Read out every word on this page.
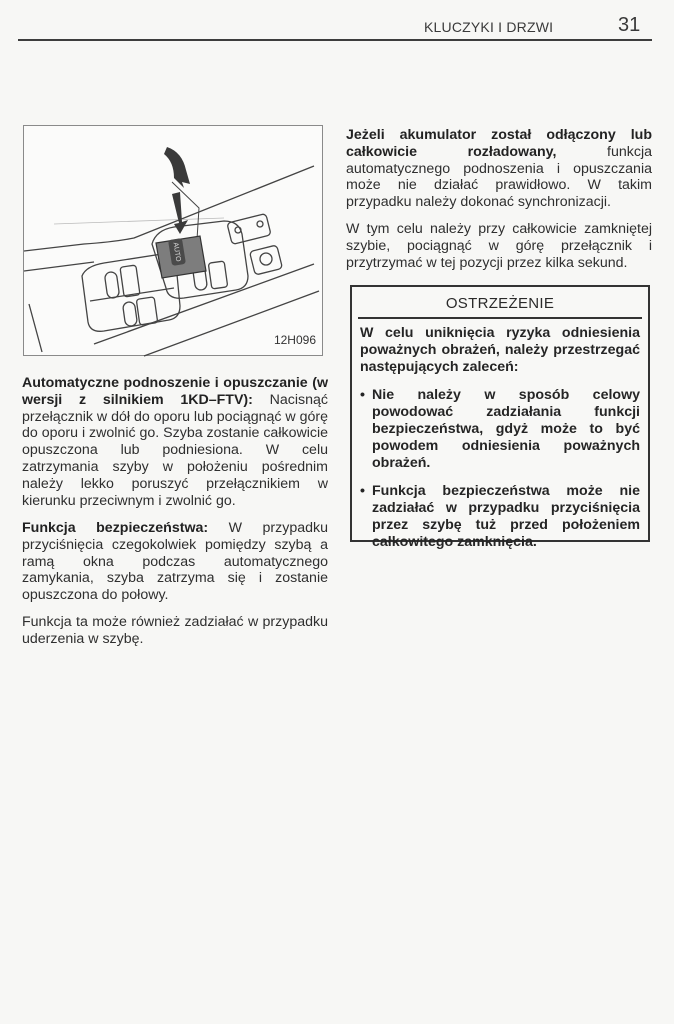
KLUCZYKI I DRZWI	31
AUTO
12H096

Automatyczne podnoszenie i opuszczanie (w wersji z silnikiem 1KD–FTV): Nacisnąć przełącznik w dół do oporu lub pociągnąć w górę do oporu i zwolnić go. Szyba zostanie całkowicie opuszczona lub podniesiona. W celu zatrzymania szyby w położeniu pośrednim należy lekko poruszyć przełącznikiem w kierunku przeciwnym i zwolnić go.

Funkcja bezpieczeństwa: W przypadku przyciśnięcia czegokolwiek pomiędzy szybą a ramą okna podczas automatycznego zamykania, szyba zatrzyma się i zostanie opuszczona do połowy.

Funkcja ta może również zadziałać w przypadku uderzenia w szybę.

Jeżeli akumulator został odłączony lub całkowicie rozładowany, funkcja automatycznego podnoszenia i opuszczania może nie działać prawidłowo. W takim przypadku należy dokonać synchronizacji.

W tym celu należy przy całkowicie zamkniętej szybie, pociągnąć w górę przełącznik i przytrzymać w tej pozycji przez kilka sekund.

OSTRZEŻENIE

W celu uniknięcia ryzyka odniesienia poważnych obrażeń, należy przestrzegać następujących zaleceń:

• Nie należy w sposób celowy powodować zadziałania funkcji bezpieczeństwa, gdyż może to być powodem odniesienia poważnych obrażeń.
• Funkcja bezpieczeństwa może nie zadziałać w przypadku przyciśnięcia przez szybę tuż przed położeniem całkowitego zamknięcia.
